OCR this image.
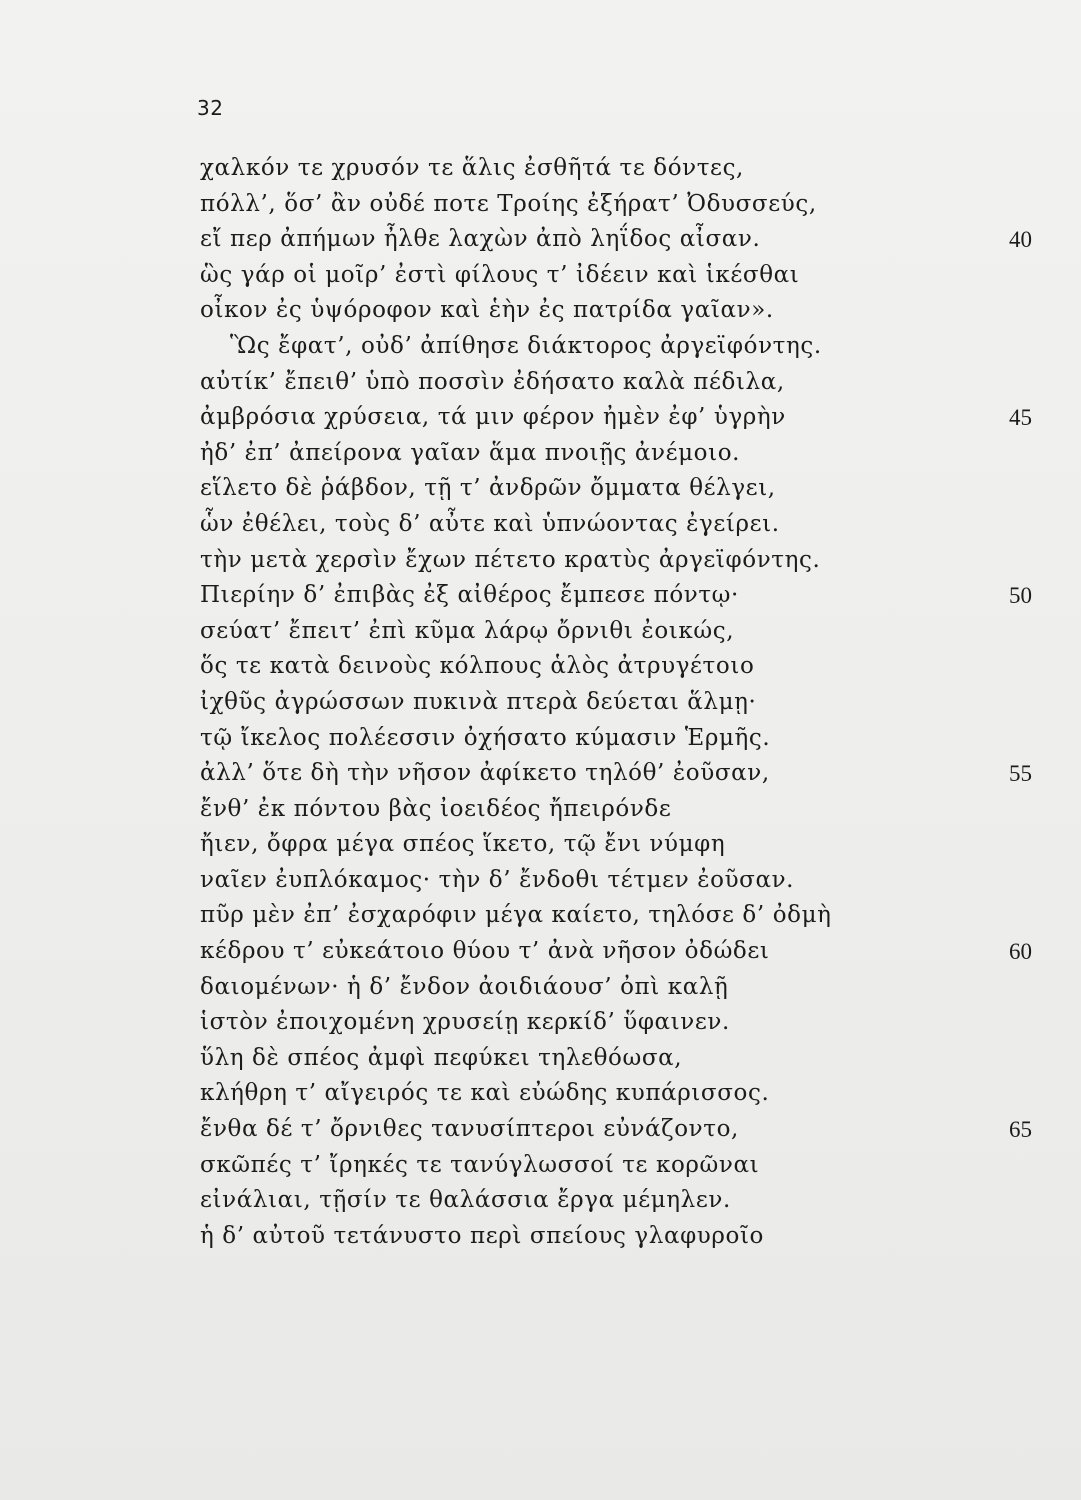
32
χαλκόν τε χρυσόν τε ἅλις ἐσθῆτά τε δόντες,
πόλλ’, ὅσ’ ἂν οὐδέ ποτε Τροίης ἐξήρατ’ Ὀδυσσεύς,
εἴ περ ἀπήμων ἦλθε λαχὼν ἀπὸ ληΐδος αἶσαν.	40
ὣς γάρ οἱ μοῖρ’ ἐστὶ φίλους τ’ ἰδέειν καὶ ἱκέσθαι
οἶκον ἐς ὑψόροφον καὶ ἑὴν ἐς πατρίδα γαῖαν».
Ὣς ἔφατ’, οὐδ’ ἀπίθησε διάκτορος ἀργεϊφόντης.
αὐτίκ’ ἔπειθ’ ὑπὸ ποσσὶν ἐδήσατο καλὰ πέδιλα,
ἀμβρόσια χρύσεια, τά μιν φέρον ἠμὲν ἐφ’ ὑγρὴν	45
ἠδ’ ἐπ’ ἀπείρονα γαῖαν ἅμα πνοιῇς ἀνέμοιο.
εἵλετο δὲ ῥάβδον, τῇ τ’ ἀνδρῶν ὄμματα θέλγει,
ὧν ἐθέλει, τοὺς δ’ αὖτε καὶ ὑπνώοντας ἐγείρει.
τὴν μετὰ χερσὶν ἔχων πέτετο κρατὺς ἀργεϊφόντης.
Πιερίην δ’ ἐπιβὰς ἐξ αἰθέρος ἔμπεσε πόντῳ·	50
σεύατ’ ἔπειτ’ ἐπὶ κῦμα λάρῳ ὄρνιθι ἐοικώς,
ὅς τε κατὰ δεινοὺς κόλπους ἁλὸς ἀτρυγέτοιο
ἰχθῦς ἀγρώσσων πυκινὰ πτερὰ δεύεται ἅλμῃ·
τῷ ἴκελος πολέεσσιν ὀχήσατο κύμασιν Ἑρμῆς.
ἀλλ’ ὅτε δὴ τὴν νῆσον ἀφίκετο τηλόθ’ ἐοῦσαν,	55
ἔνθ’ ἐκ πόντου βὰς ἰοειδέος ἤπειρόνδε
ἤιεν, ὄφρα μέγα σπέος ἵκετο, τῷ ἔνι νύμφη
ναῖεν ἐυπλόκαμος· τὴν δ’ ἔνδοθι τέτμεν ἐοῦσαν.
πῦρ μὲν ἐπ’ ἐσχαρόφιν μέγα καίετο, τηλόσε δ’ ὀδμὴ
κέδρου τ’ εὐκεάτοιο θύου τ’ ἀνὰ νῆσον ὀδώδει	60
δαιομένων· ἡ δ’ ἔνδον ἀοιδιάουσ’ ὀπὶ καλῇ
ἱστὸν ἐποιχομένη χρυσείῃ κερκίδ’ ὕφαινεν.
ὕλη δὲ σπέος ἀμφὶ πεφύκει τηλεθόωσα,
κλήθρη τ’ αἴγειρός τε καὶ εὐώδης κυπάρισσος.
ἔνθα δέ τ’ ὄρνιθες τανυσίπτεροι εὐνάζοντο,	65
σκῶπές τ’ ἴρηκές τε τανύγλωσσοί τε κορῶναι
εἰνάλιαι, τῇσίν τε θαλάσσια ἔργα μέμηλεν.
ἡ δ’ αὐτοῦ τετάνυστο περὶ σπείους γλαφυροῖο
